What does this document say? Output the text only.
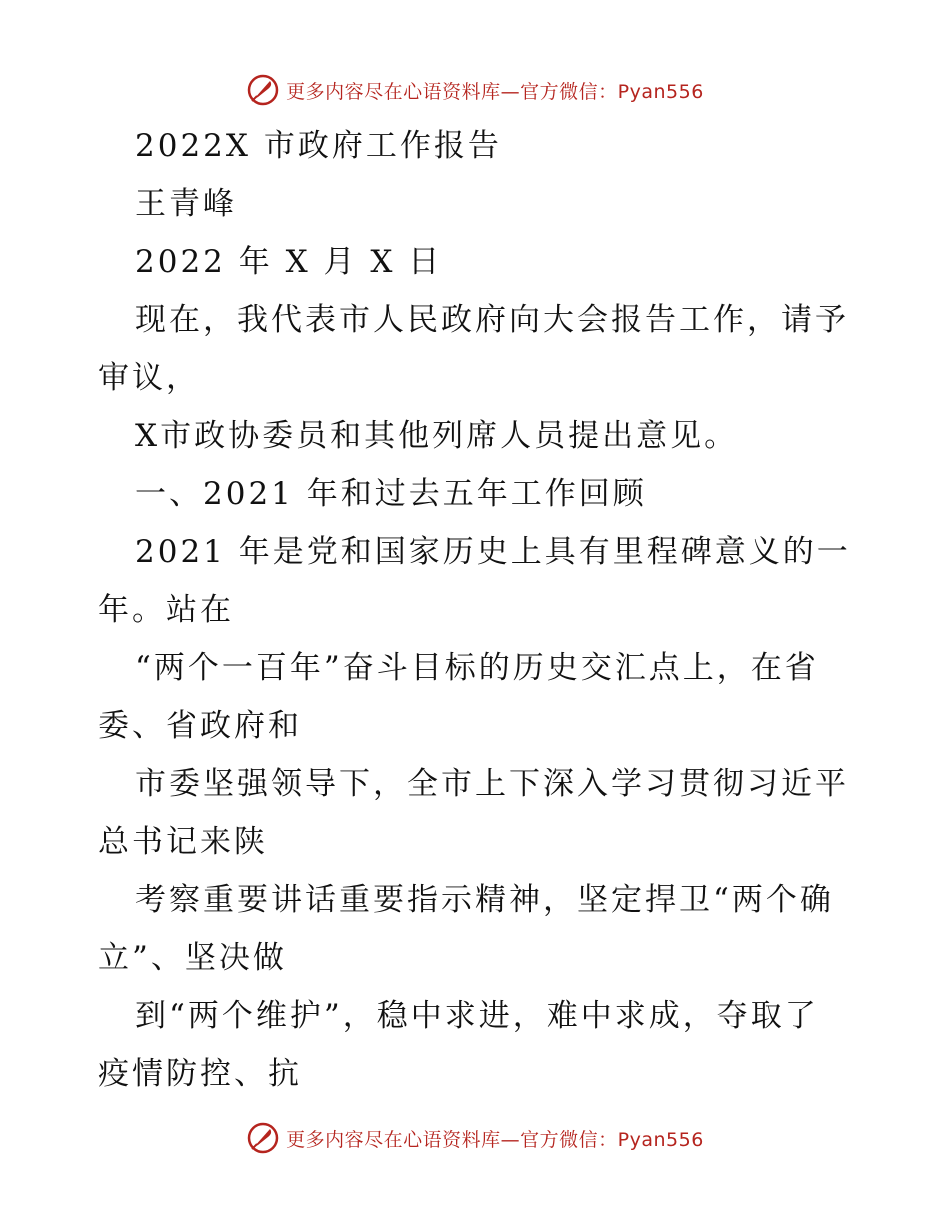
更多内容尽在心语资料库—官方微信：Pyan556
2022X 市政府工作报告
王青峰
2022 年 X 月 X 日
现在，我代表市人民政府向大会报告工作，请予
审议，
X市政协委员和其他列席人员提出意见。
一、2021 年和过去五年工作回顾
2021 年是党和国家历史上具有里程碑意义的一
年。站在
“两个一百年”奋斗目标的历史交汇点上，在省
委、省政府和
市委坚强领导下，全市上下深入学习贯彻习近平
总书记来陕
考察重要讲话重要指示精神，坚定捍卫“两个确
立”、坚决做
到“两个维护”，稳中求进，难中求成，夺取了
疫情防控、抗
更多内容尽在心语资料库—官方微信：Pyan556
